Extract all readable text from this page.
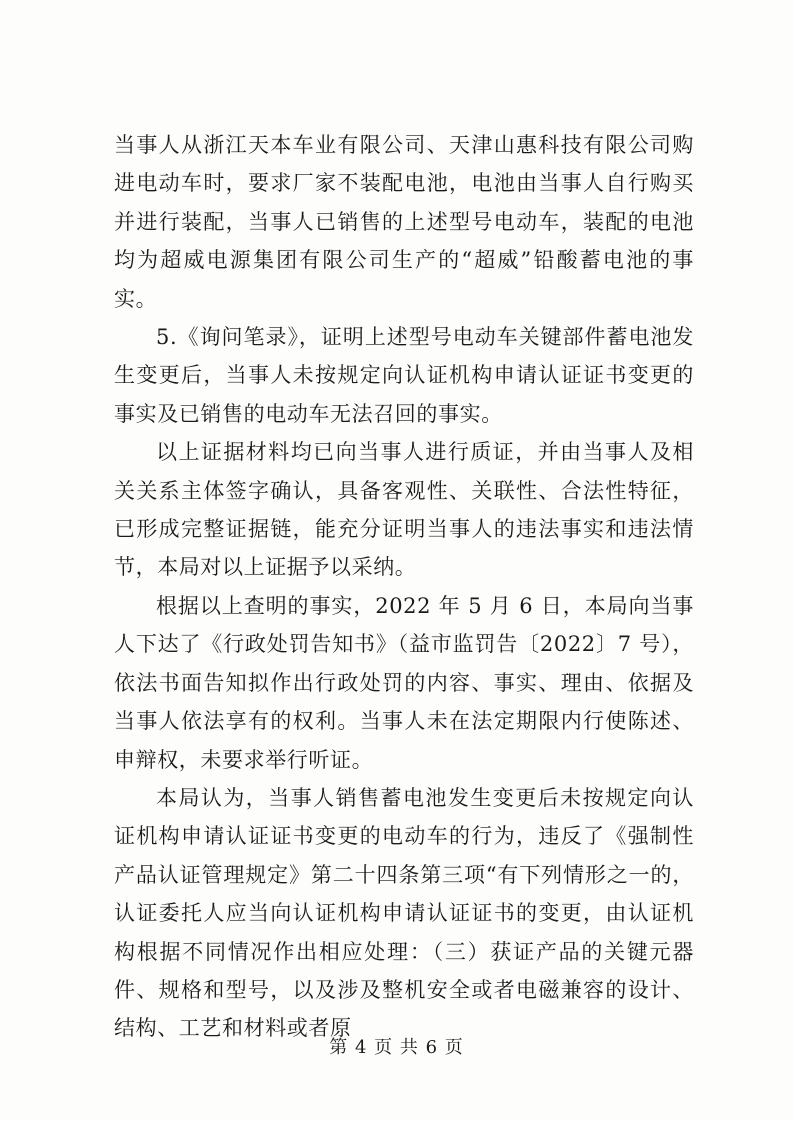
当事人从浙江天本车业有限公司、天津山惠科技有限公司购进电动车时，要求厂家不装配电池，电池由当事人自行购买并进行装配，当事人已销售的上述型号电动车，装配的电池均为超威电源集团有限公司生产的“超威”铅酸蓄电池的事实。

5.《询问笔录》，证明上述型号电动车关键部件蓄电池发生变更后，当事人未按规定向认证机构申请认证证书变更的事实及已销售的电动车无法召回的事实。

以上证据材料均已向当事人进行质证，并由当事人及相关关系主体签字确认，具备客观性、关联性、合法性特征，已形成完整证据链，能充分证明当事人的违法事实和违法情节，本局对以上证据予以采纳。

根据以上查明的事实，2022 年 5 月 6 日，本局向当事人下达了《行政处罚告知书》（益市监罚告〔2022〕7 号），依法书面告知拟作出行政处罚的内容、事实、理由、依据及当事人依法享有的权利。当事人未在法定期限内行使陈述、申辩权，未要求举行听证。

本局认为，当事人销售蓄电池发生变更后未按规定向认证机构申请认证证书变更的电动车的行为，违反了《强制性产品认证管理规定》第二十四条第三项“有下列情形之一的，认证委托人应当向认证机构申请认证证书的变更，由认证机构根据不同情况作出相应处理：（三）获证产品的关键元器件、规格和型号，以及涉及整机安全或者电磁兼容的设计、结构、工艺和材料或者原

第 4 页 共 6 页
